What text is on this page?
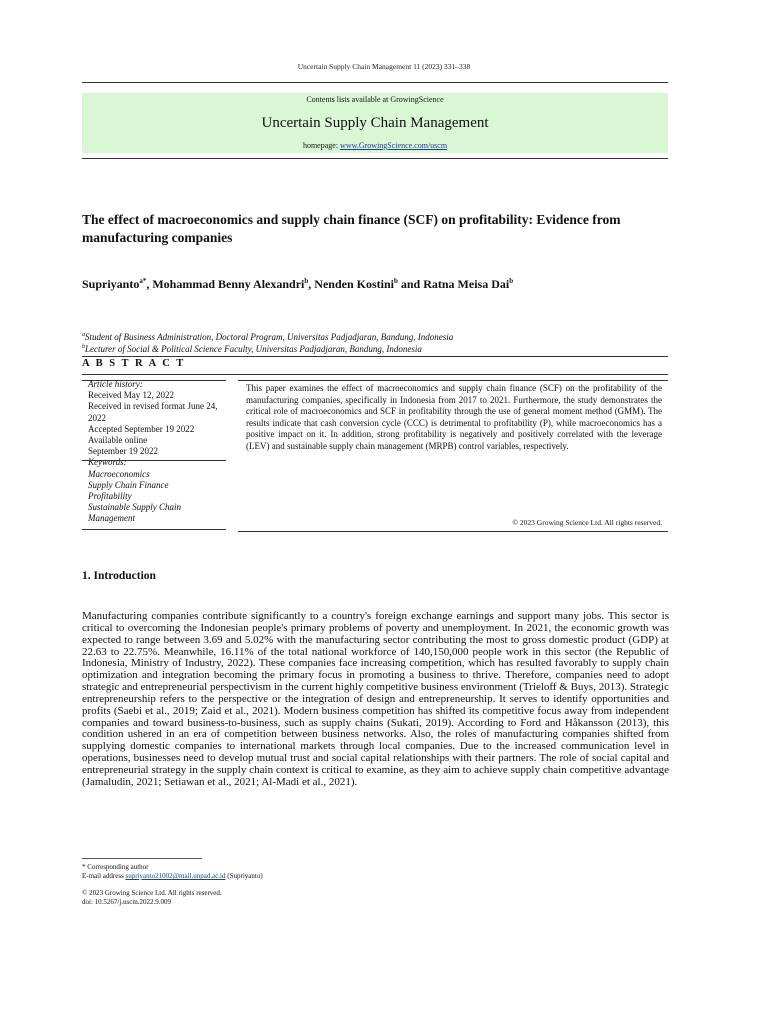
Uncertain Supply Chain Management 11 (2023) 331–338
Contents lists available at GrowingScience
Uncertain Supply Chain Management
homepage: www.GrowingScience.com/uscm
The effect of macroeconomics and supply chain finance (SCF) on profitability: Evidence from manufacturing companies
Supriyanto$^{a*}$, Mohammad Benny Alexandri$^b$, Nenden Kostini$^b$ and Ratna Meisa Dai$^b$
$^a$Student of Business Administration, Doctoral Program, Universitas Padjadjaran, Bandung, Indonesia
$^b$Lecturer of Social & Political Science Faculty, Universitas Padjadjaran, Bandung, Indonesia
A B S T R A C T
Article history:
Received May 12, 2022
Received in revised format June 24, 2022
Accepted September 19 2022
Available online
September 19 2022
Keywords:
Macroeconomics
Supply Chain Finance
Profitability
Sustainable Supply Chain Management
This paper examines the effect of macroeconomics and supply chain finance (SCF) on the profitability of the manufacturing companies, specifically in Indonesia from 2017 to 2021. Furthermore, the study demonstrates the critical role of macroeconomics and SCF in profitability through the use of general moment method (GMM). The results indicate that cash conversion cycle (CCC) is detrimental to profitability (P), while macroeconomics has a positive impact on it. In addition, strong profitability is negatively and positively correlated with the leverage (LEV) and sustainable supply chain management (MRPB) control variables, respectively.
© 2023 Growing Science Ltd. All rights reserved.
1. Introduction
Manufacturing companies contribute significantly to a country's foreign exchange earnings and support many jobs. This sector is critical to overcoming the Indonesian people's primary problems of poverty and unemployment. In 2021, the economic growth was expected to range between 3.69 and 5.02% with the manufacturing sector contributing the most to gross domestic product (GDP) at 22.63 to 22.75%. Meanwhile, 16.11% of the total national workforce of 140,150,000 people work in this sector (the Republic of Indonesia, Ministry of Industry, 2022). These companies face increasing competition, which has resulted favorably to supply chain optimization and integration becoming the primary focus in promoting a business to thrive. Therefore, companies need to adopt strategic and entrepreneurial perspectivism in the current highly competitive business environment (Trieloff & Buys, 2013). Strategic entrepreneurship refers to the perspective or the integration of design and entrepreneurship. It serves to identify opportunities and profits (Saebi et al., 2019; Zaid et al., 2021). Modern business competition has shifted its competitive focus away from independent companies and toward business-to-business, such as supply chains (Sukati, 2019). According to Ford and Håkansson (2013), this condition ushered in an era of competition between business networks. Also, the roles of manufacturing companies shifted from supplying domestic companies to international markets through local companies. Due to the increased communication level in operations, businesses need to develop mutual trust and social capital relationships with their partners. The role of social capital and entrepreneurial strategy in the supply chain context is critical to examine, as they aim to achieve supply chain competitive advantage (Jamaludin, 2021; Setiawan et al., 2021; Al-Madi et al., 2021).
* Corresponding author
E-mail address supriyanto21002@mail.unpad.ac.id (Supriyanto)
© 2023 Growing Science Ltd. All rights reserved.
doi: 10.5267/j.uscm.2022.9.009
